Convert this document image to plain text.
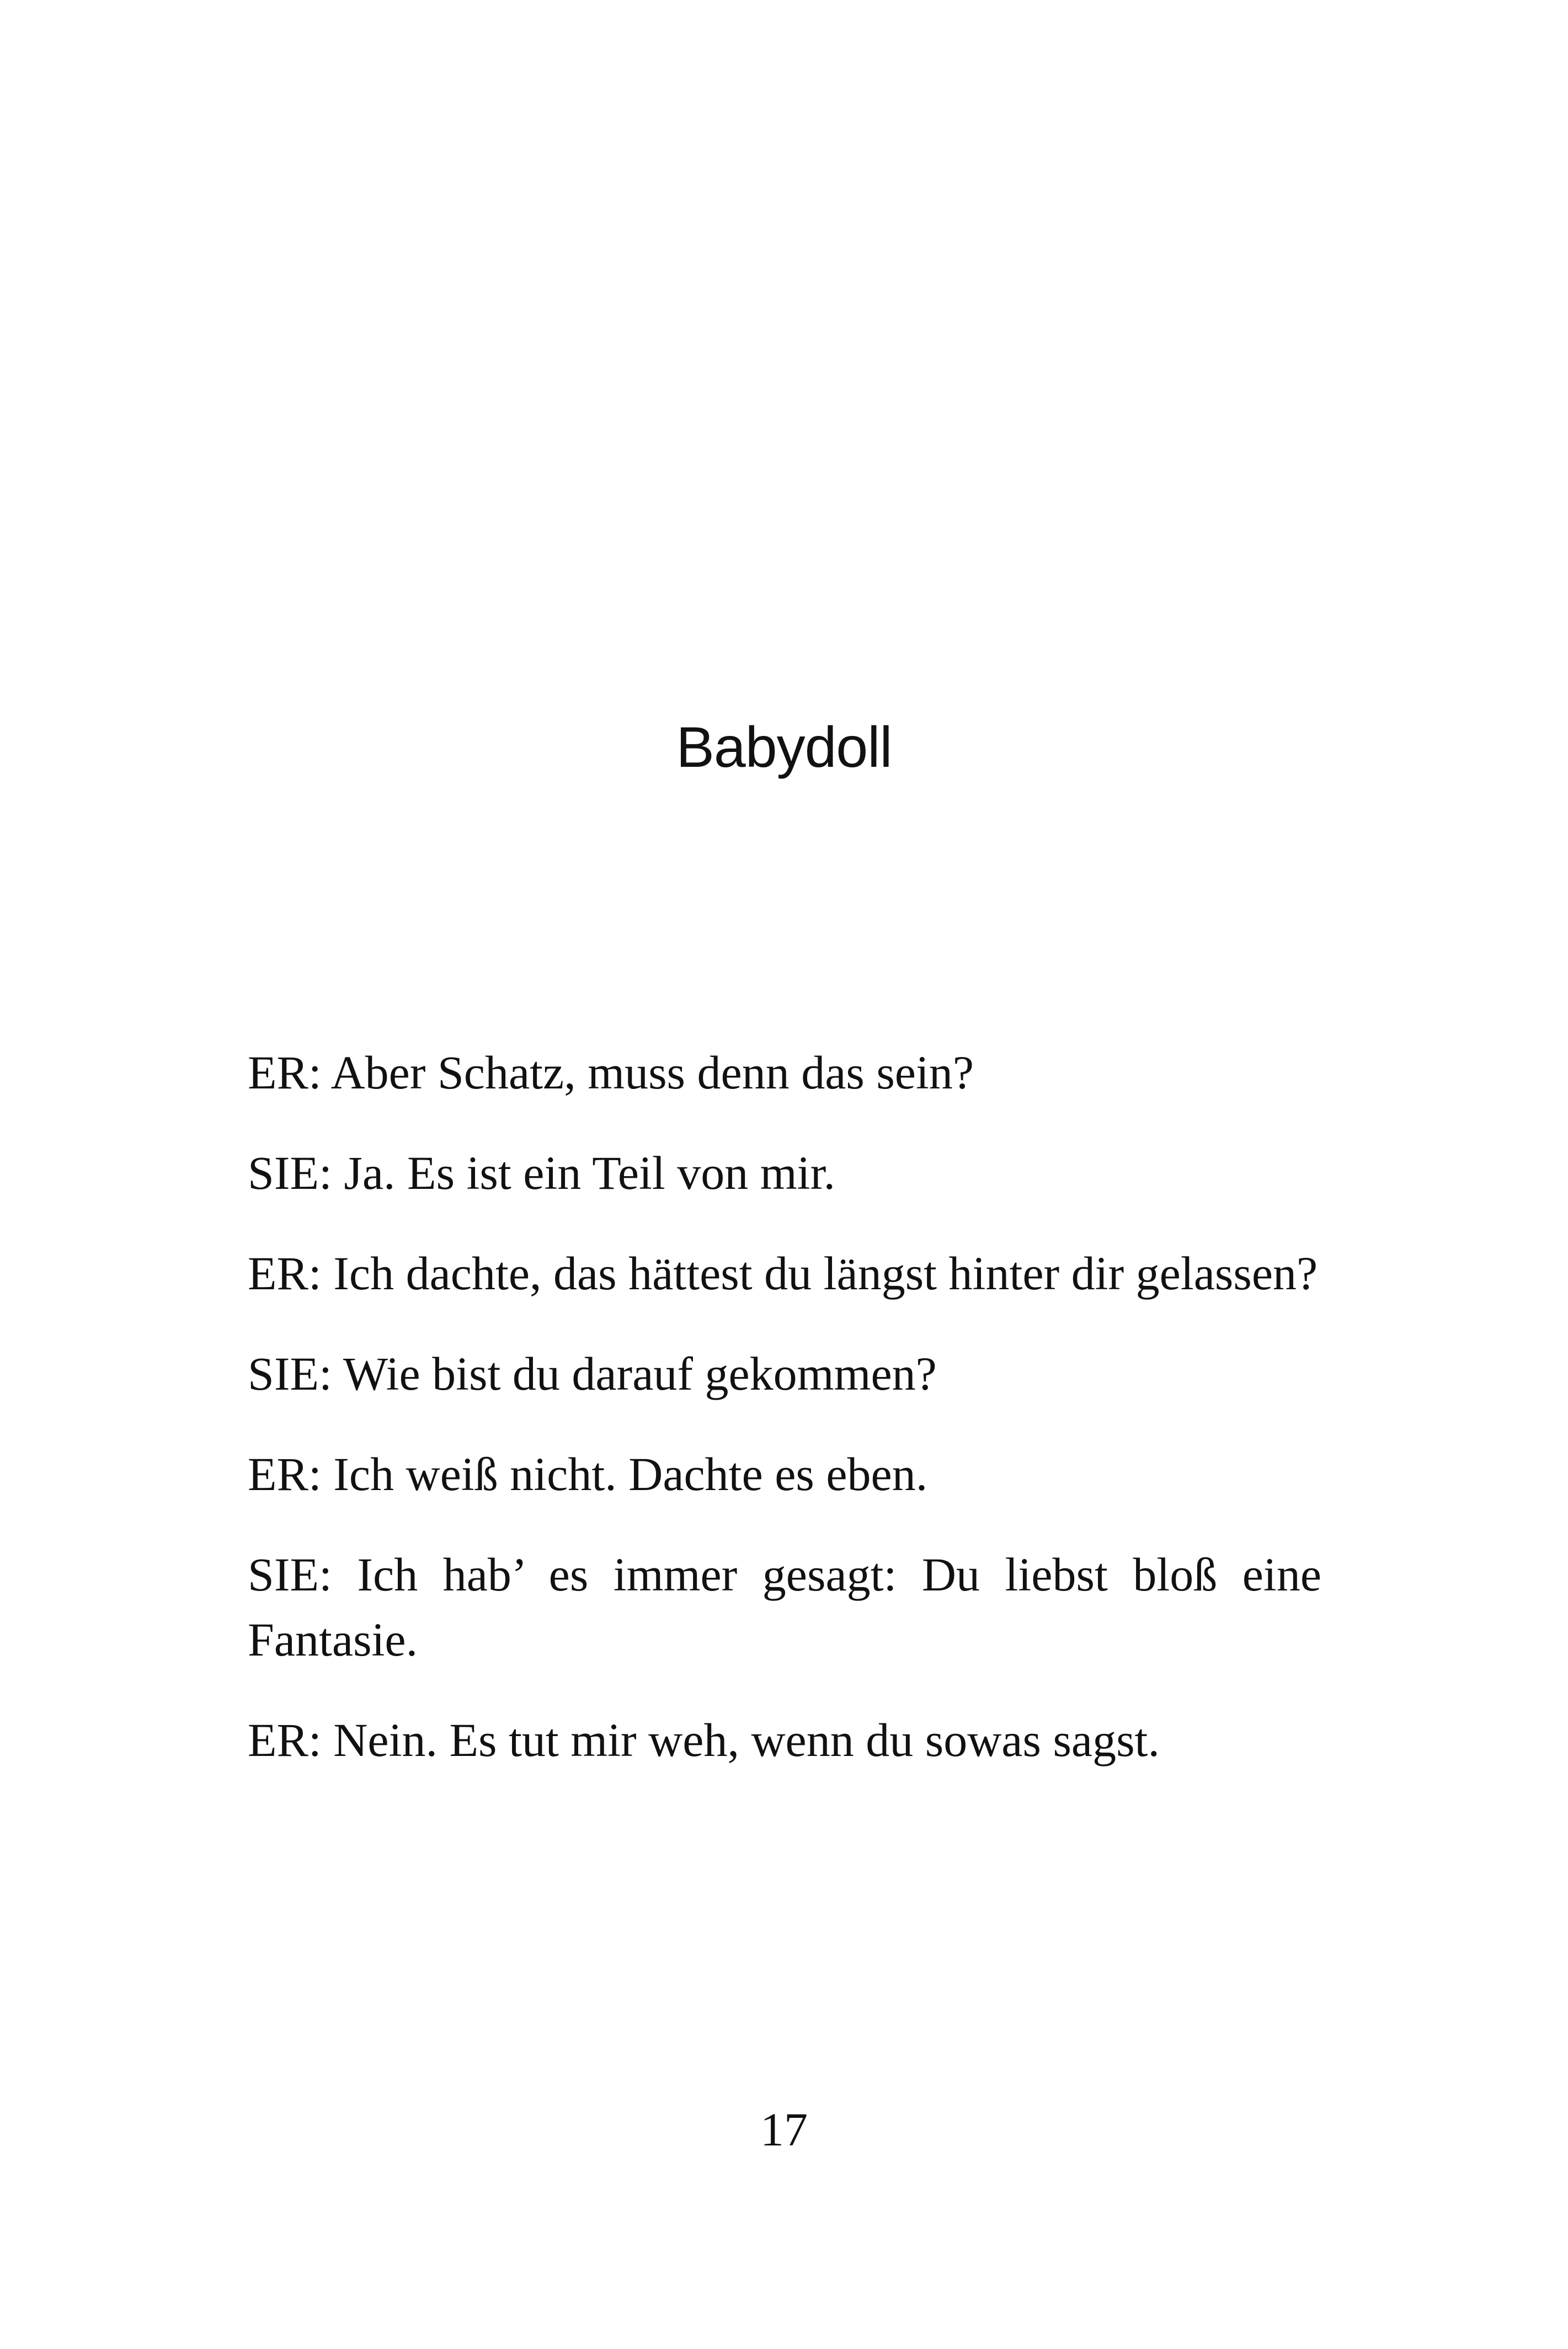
Babydoll

ER: Aber Schatz, muss denn das sein?

SIE: Ja. Es ist ein Teil von mir.

ER: Ich dachte, das hättest du längst hinter dir gelassen?

SIE: Wie bist du darauf gekommen?

ER: Ich weiß nicht. Dachte es eben.

SIE: Ich hab’ es immer gesagt: Du liebst bloß eine Fantasie.

ER: Nein. Es tut mir weh, wenn du sowas sagst.

17
